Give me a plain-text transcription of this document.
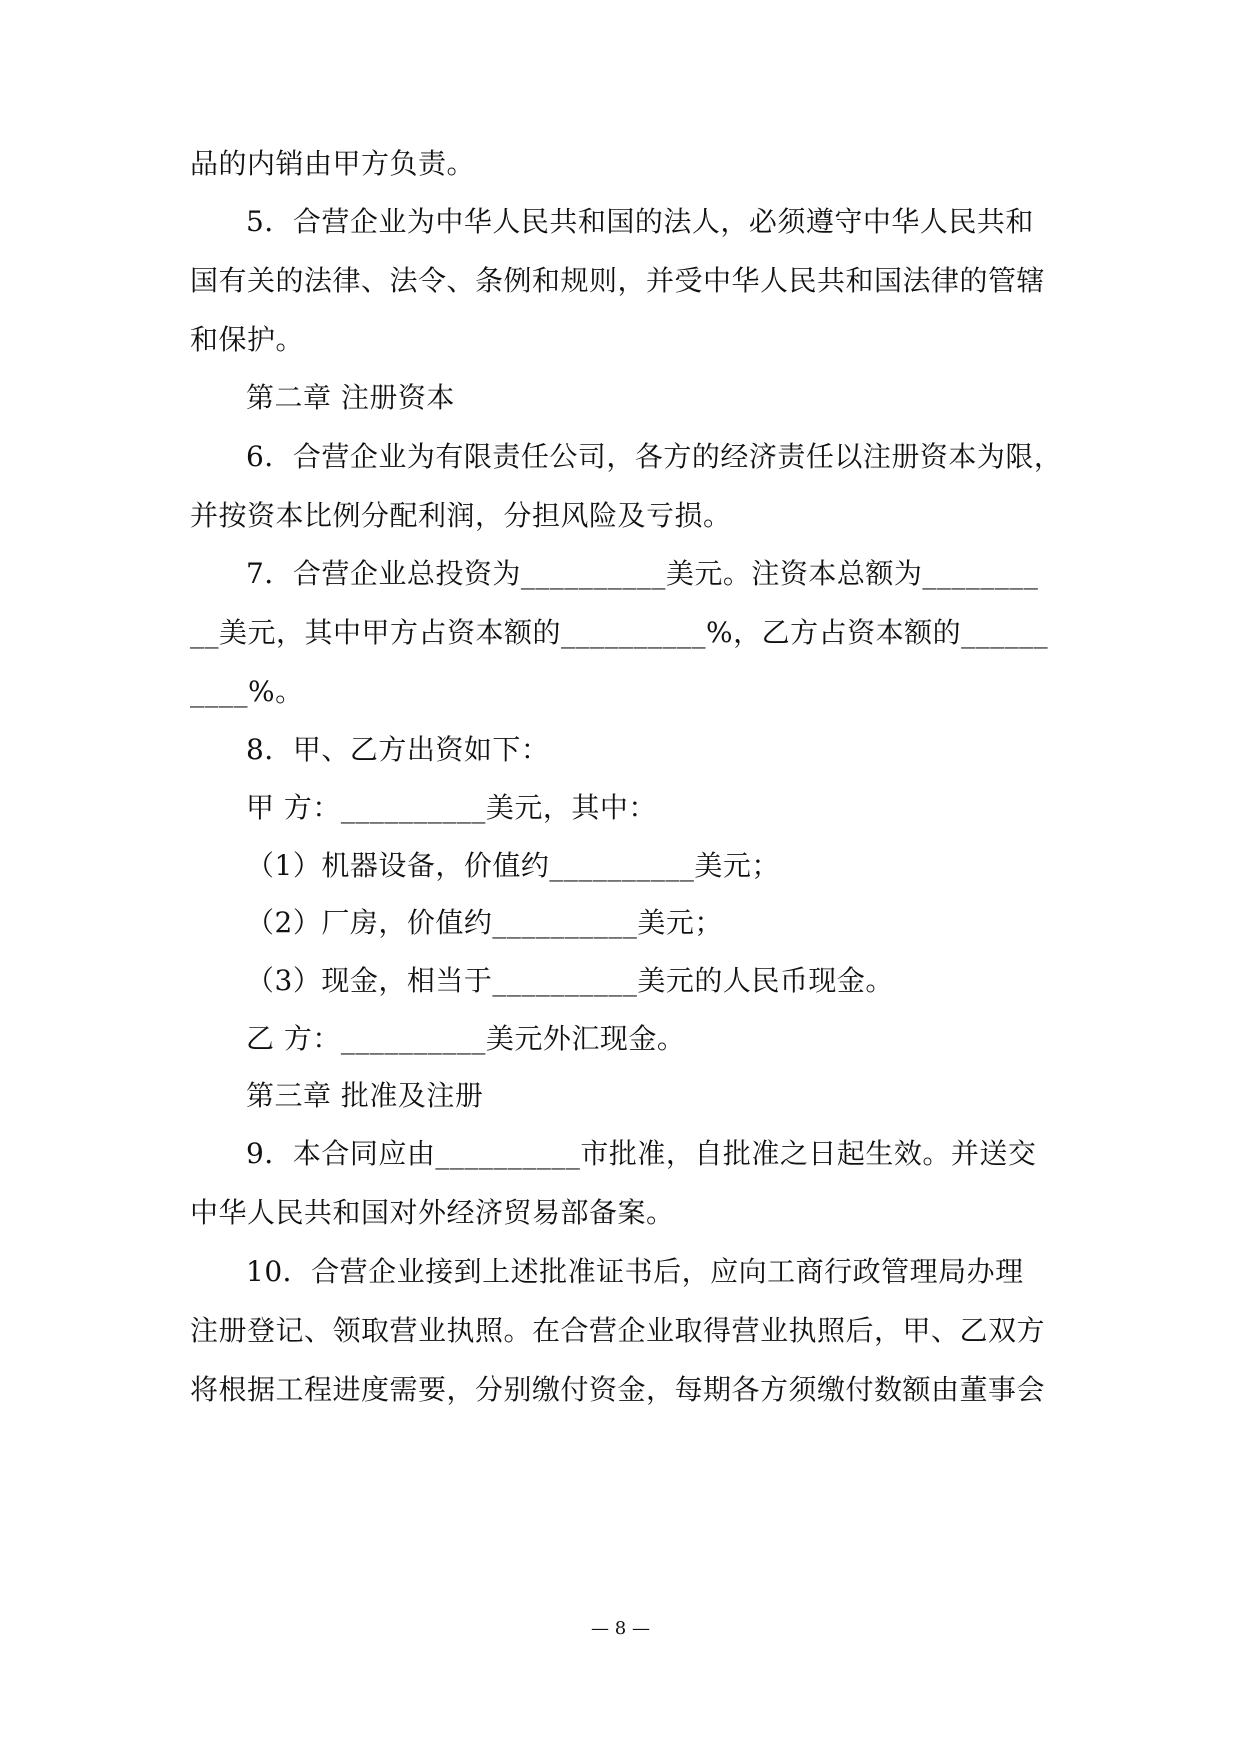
品的内销由甲方负责。
5．合营企业为中华人民共和国的法人，必须遵守中华人民共和
国有关的法律、法令、条例和规则，并受中华人民共和国法律的管辖
和保护。
第二章 注册资本
6．合营企业为有限责任公司，各方的经济责任以注册资本为限，
并按资本比例分配利润，分担风险及亏损。
7．合营企业总投资为__________美元。注资本总额为________
__美元，其中甲方占资本额的__________%，乙方占资本额的______
____%。
8．甲、乙方出资如下：
甲 方：__________美元，其中：
（1）机器设备，价值约__________美元；
（2）厂房，价值约__________美元；
（3）现金，相当于__________美元的人民币现金。
乙 方：__________美元外汇现金。
第三章 批准及注册
9．本合同应由__________市批准，自批准之日起生效。并送交
中华人民共和国对外经济贸易部备案。
10．合营企业接到上述批准证书后，应向工商行政管理局办理
注册登记、领取营业执照。在合营企业取得营业执照后，甲、乙双方
将根据工程进度需要，分别缴付资金，每期各方须缴付数额由董事会
— 8 —
